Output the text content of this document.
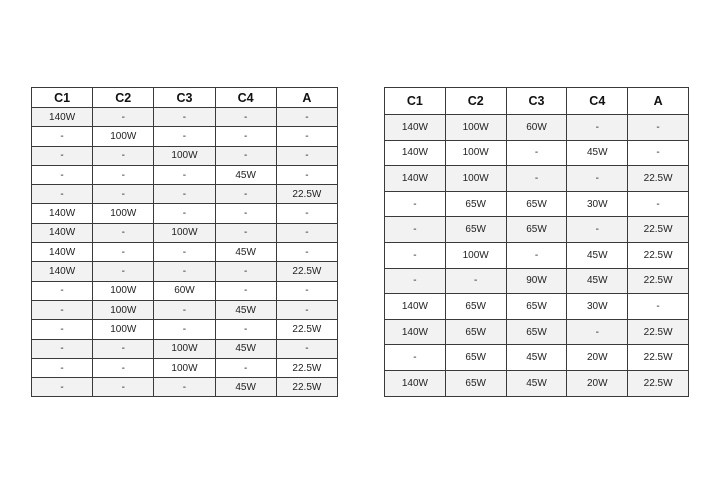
C1	C2	C3	C4	A
140W	-	-	-	-
-	100W	-	-	-
-	-	100W	-	-
-	-	-	45W	-
-	-	-	-	22.5W
140W	100W	-	-	-
140W	-	100W	-	-
140W	-	-	45W	-
140W	-	-	-	22.5W
-	100W	60W	-	-
-	100W	-	45W	-
-	100W	-	-	22.5W
-	-	100W	45W	-
-	-	100W	-	22.5W
-	-	-	45W	22.5W
C1	C2	C3	C4	A
140W	100W	60W	-	-
140W	100W	-	45W	-
140W	100W	-	-	22.5W
-	65W	65W	30W	-
-	65W	65W	-	22.5W
-	100W	-	45W	22.5W
-	-	90W	45W	22.5W
140W	65W	65W	30W	-
140W	65W	65W	-	22.5W
-	65W	45W	20W	22.5W
140W	65W	45W	20W	22.5W
